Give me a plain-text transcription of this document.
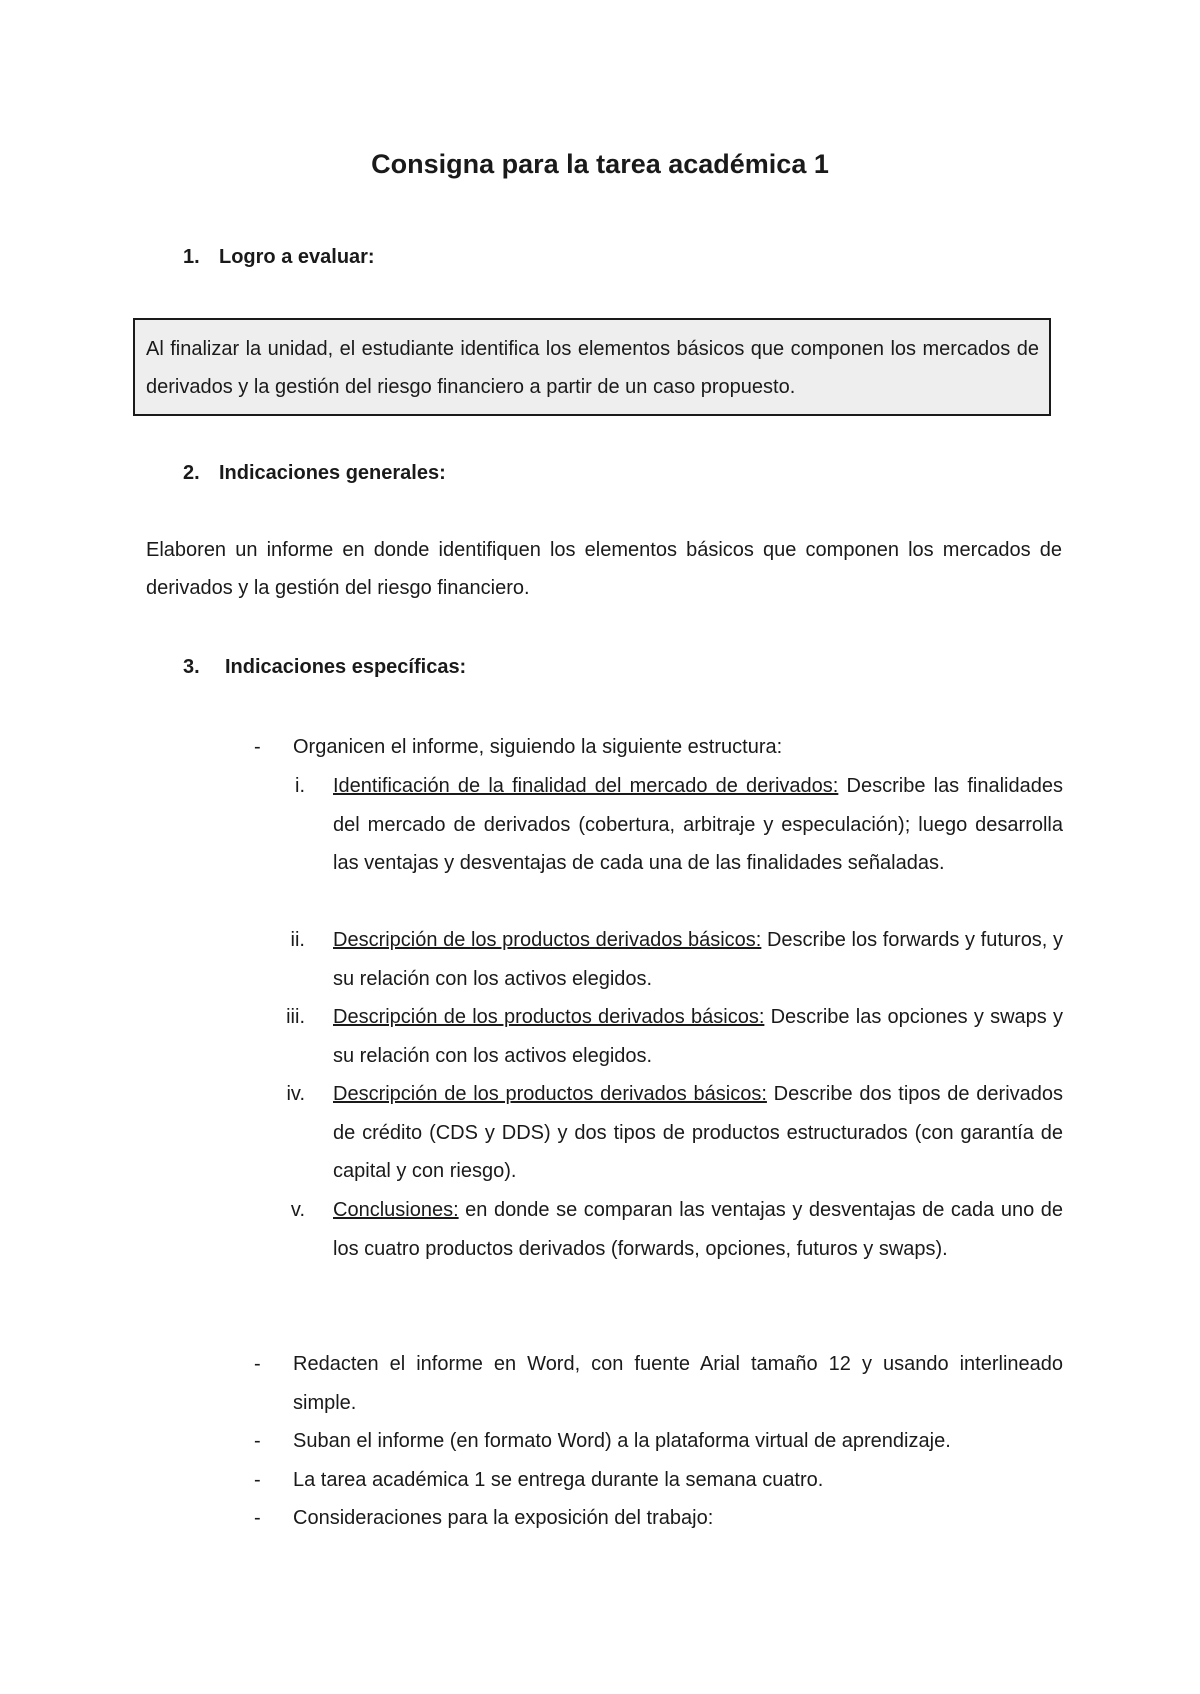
Consigna para la tarea académica 1
1. Logro a evaluar:
Al finalizar la unidad, el estudiante identifica los elementos básicos que componen los mercados de derivados y la gestión del riesgo financiero a partir de un caso propuesto.
2. Indicaciones generales:

Elaboren un informe en donde identifiquen los elementos básicos que componen los mercados de derivados y la gestión del riesgo financiero.

3. Indicaciones específicas:
- Organicen el informe, siguiendo la siguiente estructura:
i. Identificación de la finalidad del mercado de derivados: Describe las finalidades del mercado de derivados (cobertura, arbitraje y especulación); luego desarrolla las ventajas y desventajas de cada una de las finalidades señaladas.
ii. Descripción de los productos derivados básicos: Describe los forwards y futuros, y su relación con los activos elegidos.
iii. Descripción de los productos derivados básicos: Describe las opciones y swaps y su relación con los activos elegidos.
iv. Descripción de los productos derivados básicos: Describe dos tipos de derivados de crédito (CDS y DDS) y dos tipos de productos estructurados (con garantía de capital y con riesgo).
v. Conclusiones: en donde se comparan las ventajas y desventajas de cada uno de los cuatro productos derivados (forwards, opciones, futuros y swaps).
- Redacten el informe en Word, con fuente Arial tamaño 12 y usando interlineado simple.
- Suban el informe (en formato Word) a la plataforma virtual de aprendizaje.
- La tarea académica 1 se entrega durante la semana cuatro.
- Consideraciones para la exposición del trabajo:
